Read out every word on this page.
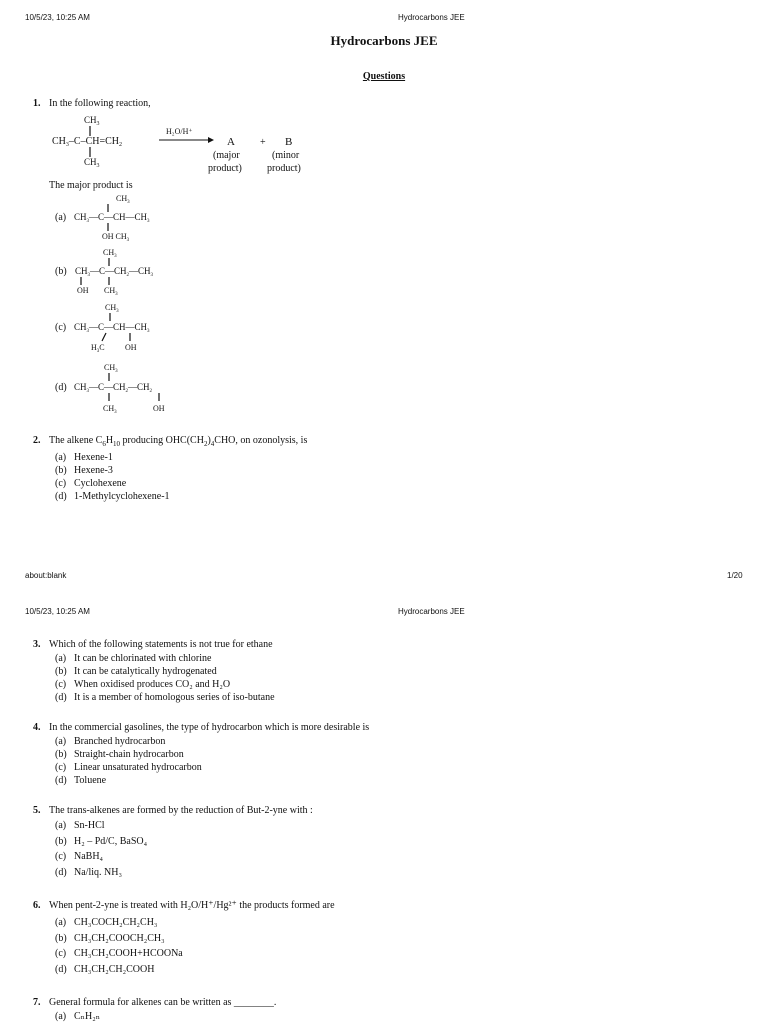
10/5/23, 10:25 AM	Hydrocarbons JEE
Hydrocarbons JEE
Questions
1. In the following reaction,
$CH_3$
$CH_3-C-CH=CH_2$
$CH_3$
H₂O/H⁺
A	+ B
(major
product)
(minor
product)
The major product is
(a)
$CH_3$
$CH_3—C—CH—CH_3$
OH $CH_3$
(b)
$CH_3$
$CH_3—C—CH_2—CH_3$
OH $CH_3$
(c)
$CH_3$
$CH_3—C—CH—CH_3$
$H_3C$	OH
(d)
$CH_3$
$CH_3—C—CH_2—CH_2$
$CH_3$	OH
2. The alkene $C_6H_{10}$ producing $OHC(CH_2)_4CHO$, on ozonolysis, is
(a) Hexene-1
(b) Hexene-3
(c) Cyclohexene
(d) 1-Methylcyclohexene-1
about:blank	1/20
10/5/23, 10:25 AM	Hydrocarbons JEE
3. Which of the following statements is not true for ethane
(a) It can be chlorinated with chlorine
(b) It can be catalytically hydrogenated
(c) When oxidised produces CO₂ and H₂O
(d) It is a member of homologous series of iso-butane
4. In the commercial gasolines, the type of hydrocarbon which is more desirable is
(a) Branched hydrocarbon
(b) Straight-chain hydrocarbon
(c) Linear unsaturated hydrocarbon
(d) Toluene
5. The trans-alkenes are formed by the reduction of But-2-yne with :
(a) Sn-HCl
(b) H₂ – Pd/C, BaSO₄
(c) NaBH₄
(d) Na/liq. NH₃
6. When pent-2-yne is treated with H₂O/H⁺/Hg²⁺ the products formed are
(a) CH₃COCH₂CH₂CH₃
(b) CH₃CH₂COOCH₂CH₃
(c) CH₃CH₂COOH+HCOONa
(d) CH₃CH₂CH₂COOH
7. General formula for alkenes can be written as ________.
(a) CₙH₂ₙ
